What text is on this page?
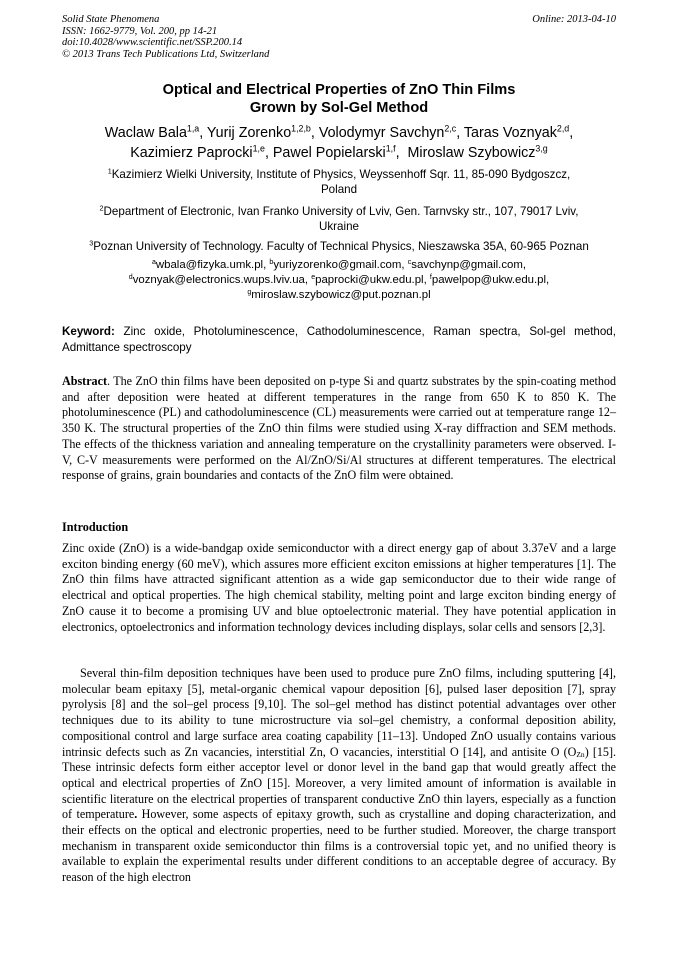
Solid State Phenomena
ISSN: 1662-9779, Vol. 200, pp 14-21
doi:10.4028/www.scientific.net/SSP.200.14
© 2013 Trans Tech Publications Ltd, Switzerland
Online: 2013-04-10
Optical and Electrical Properties of ZnO Thin Films
Grown by Sol-Gel Method
Waclaw Bala$^{1,a}$, Yurij Zorenko$^{1,2,b}$, Volodymyr Savchyn$^{2,c}$, Taras Voznyak$^{2,d}$,
Kazimierz Paprocki$^{1,e}$, Pawel Popielarski$^{1,f}$,  Miroslaw Szybowicz$^{3,g}$
$^1$Kazimierz Wielki University, Institute of Physics, Weyssenhoff Sqr. 11, 85-090 Bydgoszcz,
Poland
$^2$Department of Electronic, Ivan Franko University of Lviv, Gen. Tarnvsky str., 107, 79017 Lviv,
Ukraine
$^3$Poznan University of Technology. Faculty of Technical Physics, Nieszawska 35A, 60-965 Poznan
$^a$wbala@fizyka.umk.pl, $^b$yuriyzorenko@gmail.com, $^c$savchynp@gmail.com,
$^d$voznyak@electronics.wups.lviv.ua, $^e$paprocki@ukw.edu.pl, $^f$pawelpop@ukw.edu.pl,
$^g$miroslaw.szybowicz@put.poznan.pl
Keyword: Zinc oxide, Photoluminescence, Cathodoluminescence, Raman spectra, Sol-gel method, Admittance spectroscopy

Abstract. The ZnO thin films have been deposited on p-type Si and quartz substrates by the spin-coating method and after deposition were heated at different temperatures in the range from 650 K to 850 K. The photoluminescence (PL) and cathodoluminescence (CL) measurements were carried out at temperature range 12–350 K. The structural properties of the ZnO thin films were studied using X-ray diffraction and SEM methods. The effects of the thickness variation and annealing temperature on the crystallinity parameters were observed. I-V, C-V measurements were performed on the Al/ZnO/Si/Al structures at different temperatures. The electrical response of grains, grain boundaries and contacts of the ZnO film were obtained.

Introduction

Zinc oxide (ZnO) is a wide-bandgap oxide semiconductor with a direct energy gap of about 3.37eV and a large exciton binding energy (60 meV), which assures more efficient exciton emissions at higher temperatures [1]. The ZnO thin films have attracted significant attention as a wide gap semiconductor due to their wide range of electrical and optical properties. The high chemical stability, melting point and large exciton binding energy of ZnO cause it to become a promising UV and blue optoelectronic material. They have potential application in electronics, optoelectronics and information technology devices including displays, solar cells and sensors [2,3].

Several thin-film deposition techniques have been used to produce pure ZnO films, including sputtering [4], molecular beam epitaxy [5], metal-organic chemical vapour deposition [6], pulsed laser deposition [7], spray pyrolysis [8] and the sol–gel process [9,10]. The sol–gel method has distinct potential advantages over other techniques due to its ability to tune microstructure via sol–gel chemistry, a conformal deposition ability, compositional control and large surface area coating capability [11–13]. Undoped ZnO usually contains various intrinsic defects such as Zn vacancies, interstitial Zn, O vacancies, interstitial O [14], and antisite O $(O_{Zn})$ [15]. These intrinsic defects form either acceptor level or donor level in the band gap that would greatly affect the optical and electrical properties of ZnO [15]. Moreover, a very limited amount of information is available in scientific literature on the electrical properties of transparent conductive ZnO thin layers, especially as a function of temperature. However, some aspects of epitaxy growth, such as crystalline and doping characterization, and their effects on the optical and electronic properties, need to be further studied. Moreover, the charge transport mechanism in transparent oxide semiconductor thin films is a controversial topic yet, and no unified theory is available to explain the experimental results under different conditions to an acceptable degree of accuracy. By reason of the high electron
